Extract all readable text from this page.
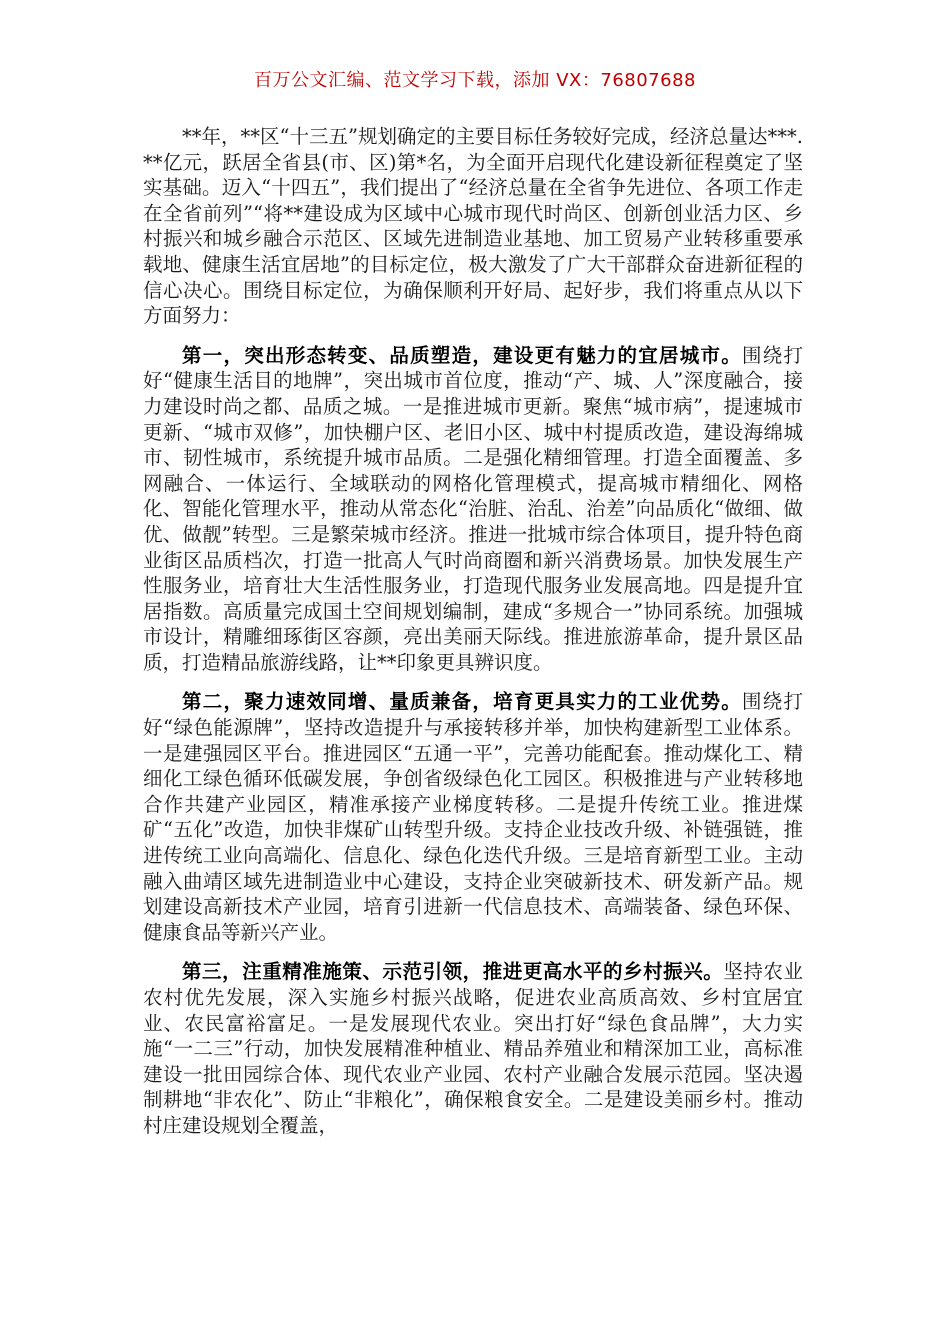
百万公文汇编、范文学习下载，添加 VX：76807688

**年，**区“十三五”规划确定的主要目标任务较好完成，经济总量达***.**亿元，跃居全省县(市、区)第*名，为全面开启现代化建设新征程奠定了坚实基础。迈入“十四五”，我们提出了“经济总量在全省争先进位、各项工作走在全省前列”“将**建设成为区域中心城市现代时尚区、创新创业活力区、乡村振兴和城乡融合示范区、区域先进制造业基地、加工贸易产业转移重要承载地、健康生活宜居地”的目标定位，极大激发了广大干部群众奋进新征程的信心决心。围绕目标定位，为确保顺利开好局、起好步，我们将重点从以下方面努力：

第一，突出形态转变、品质塑造，建设更有魅力的宜居城市。围绕打好“健康生活目的地牌”，突出城市首位度，推动“产、城、人”深度融合，接力建设时尚之都、品质之城。一是推进城市更新。聚焦“城市病”，提速城市更新、“城市双修”，加快棚户区、老旧小区、城中村提质改造，建设海绵城市、韧性城市，系统提升城市品质。二是强化精细管理。打造全面覆盖、多网融合、一体运行、全域联动的网格化管理模式，提高城市精细化、网格化、智能化管理水平，推动从常态化“治脏、治乱、治差”向品质化“做细、做优、做靓”转型。三是繁荣城市经济。推进一批城市综合体项目，提升特色商业街区品质档次，打造一批高人气时尚商圈和新兴消费场景。加快发展生产性服务业，培育壮大生活性服务业，打造现代服务业发展高地。四是提升宜居指数。高质量完成国土空间规划编制，建成“多规合一”协同系统。加强城市设计，精雕细琢街区容颜，亮出美丽天际线。推进旅游革命，提升景区品质，打造精品旅游线路，让**印象更具辨识度。

第二，聚力速效同增、量质兼备，培育更具实力的工业优势。围绕打好“绿色能源牌”，坚持改造提升与承接转移并举，加快构建新型工业体系。一是建强园区平台。推进园区“五通一平”，完善功能配套。推动煤化工、精细化工绿色循环低碳发展，争创省级绿色化工园区。积极推进与产业转移地合作共建产业园区，精准承接产业梯度转移。二是提升传统工业。推进煤矿“五化”改造，加快非煤矿山转型升级。支持企业技改升级、补链强链，推进传统工业向高端化、信息化、绿色化迭代升级。三是培育新型工业。主动融入曲靖区域先进制造业中心建设，支持企业突破新技术、研发新产品。规划建设高新技术产业园，培育引进新一代信息技术、高端装备、绿色环保、健康食品等新兴产业。

第三，注重精准施策、示范引领，推进更高水平的乡村振兴。坚持农业农村优先发展，深入实施乡村振兴战略，促进农业高质高效、乡村宜居宜业、农民富裕富足。一是发展现代农业。突出打好“绿色食品牌”，大力实施“一二三”行动，加快发展精准种植业、精品养殖业和精深加工业，高标准建设一批田园综合体、现代农业产业园、农村产业融合发展示范园。坚决遏制耕地“非农化”、防止“非粮化”，确保粮食安全。二是建设美丽乡村。推动村庄建设规划全覆盖，
